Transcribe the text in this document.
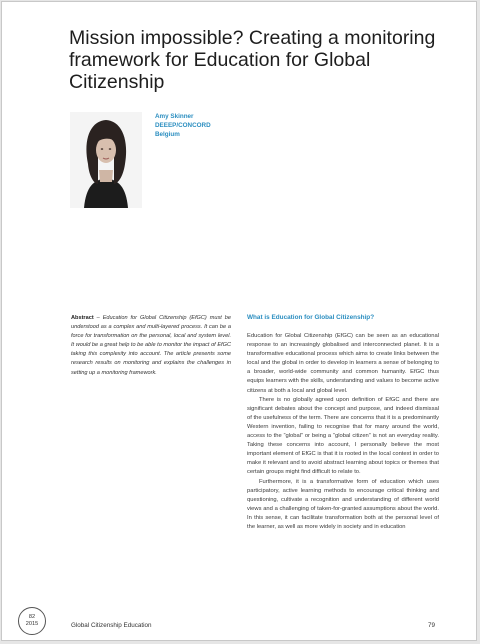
Mission impossible? Creating a monitoring framework for Education for Global Citizenship
Amy Skinner
DEEEP/CONCORD
Belgium
Abstract – Education for Global Citizenship (EfGC) must be understood as a complex and multi-layered process. It can be a force for transformation on the personal, local and system level. It would be a great help to be able to monitor the impact of EfGC taking this complexity into account. The article presents some research results on monitoring and explains the challenges in setting up a monitoring framework.
What is Education for Global Citizenship?

Education for Global Citizenship (EfGC) can be seen as an educational response to an increasingly globalised and interconnected planet. It is a transformative educational process which aims to create links between the local and the global in order to develop in learners a sense of belonging to a broader, world-wide community and common humanity. EfGC thus equips learners with the skills, understanding and values to become active citizens at both a local and global level.

There is no globally agreed upon definition of EfGC and there are significant debates about the concept and purpose, and indeed dismissal of the usefulness of the term. There are concerns that it is a predominantly Western invention, failing to recognise that for many around the world, access to the “global” or being a “global citizen” is not an everyday reality. Taking these concerns into account, I personally believe the most important element of EfGC is that it is rooted in the local context in order to make it relevant and to avoid abstract learning about topics or themes that certain groups might find difficult to relate to.

Furthermore, it is a transformative form of education which uses participatory, active learning methods to encourage critical thinking and questioning, cultivate a recognition and understanding of different world views and a challenging of taken-for-granted assumptions about the world. In this sense, it can facilitate transformation both at the personal level of the learner, as well as more widely in society and in education

82
2015	Global Citizenship Education	79
